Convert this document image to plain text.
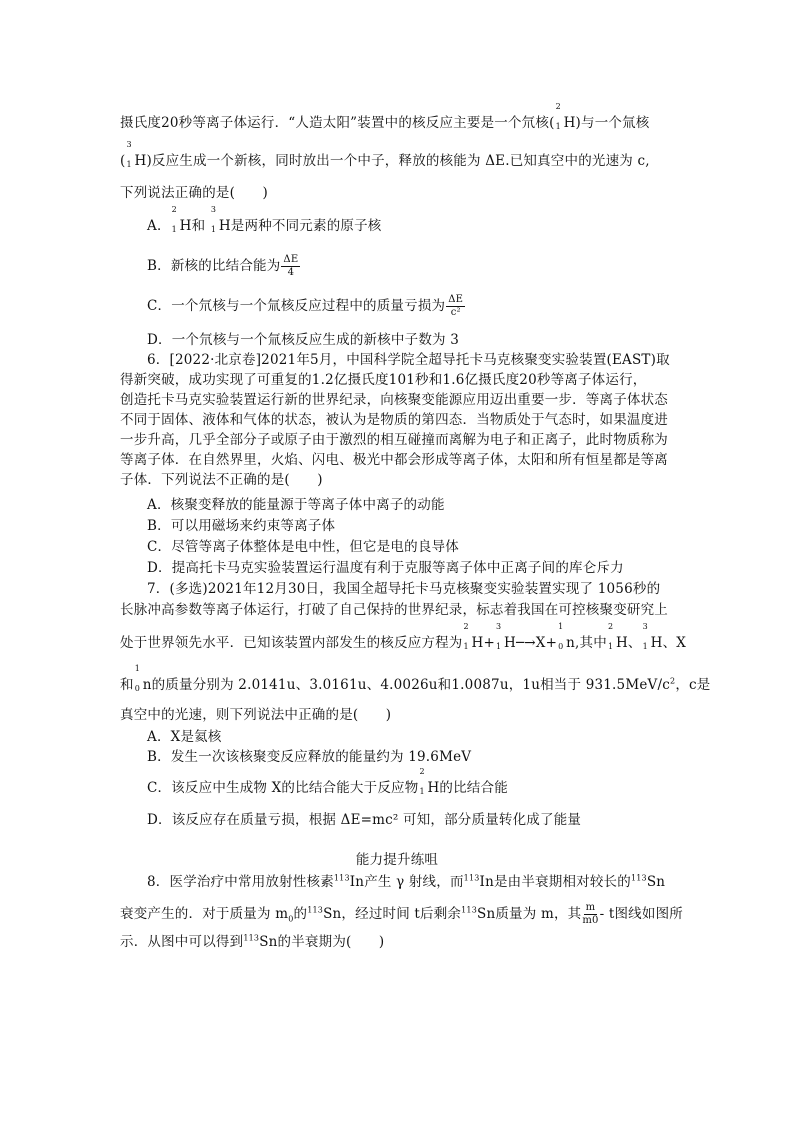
摄氏度20秒等离子体运行．“人造太阳”装置中的核反应主要是一个氘核(
2
1 H)与一个氚核
(
3
1 H)反应生成一个新核，同时放出一个中子，释放的核能为 ΔE.已知真空中的光速为 c,
下列说法正确的是(　　)
A．
2
1 H和
3
1 H是两种不同元素的原子核
B．新核的比结合能为 $\frac{\Delta E}{4}$
C．一个氘核与一个氚核反应过程中的质量亏损为 $\frac{\Delta E}{\text{c²}}$
D．一个氘核与一个氚核反应生成的新核中子数为 3
6．[2022·北京卷]2021年5月，中国科学院全超导托卡马克核聚变实验装置(EAST)取
得新突破，成功实现了可重复的1.2亿摄氏度101秒和1.6亿摄氏度20秒等离子体运行，
创造托卡马克实验装置运行新的世界纪录，向核聚变能源应用迈出重要一步．等离子体状态
不同于固体、液体和气体的状态，被认为是物质的第四态．当物质处于气态时，如果温度进
一步升高，几乎全部分子或原子由于激烈的相互碰撞而离解为电子和正离子，此时物质称为
等离子体．在自然界里，火焰、闪电、极光中都会形成等离子体，太阳和所有恒星都是等离
子体．下列说法不正确的是(　　)
A．核聚变释放的能量源于等离子体中离子的动能
B．可以用磁场来约束等离子体
C．尽管等离子体整体是电中性，但它是电的良导体
D．提高托卡马克实验装置运行温度有利于克服等离子体中正离子间的库仑斥力
7．(多选)2021年12月30日，我国全超导托卡马克核聚变实验装置实现了 1056秒的
长脉冲高参数等离子体运行，打破了自己保持的世界纪录，标志着我国在可控核聚变研究上
处于世界领先水平．已知该装置内部发生的核反应方程为
2
1 H+
3
1 H─→X+
1
0 n,其中
2
1 H、
3
1 H、X
和
1
0 n的质量分别为 2.0141u、3.0161u、4.0026u和1.0087u，1u相当于 $931.5MeV/c^2$，c是
真空中的光速，则下列说法中正确的是(　　)
A．X是氦核
B．发生一次该核聚变反应释放的能量约为 19.6MeV
C．该反应中生成物 X的比结合能大于反应物
2
1 H的比结合能
D．该反应存在质量亏损，根据 ΔE=mc² 可知，部分质量转化成了能量
能力提升练咀
8．医学治疗中常用放射性核素$^{113}$In产生 γ 射线，而$^{113}$In是由半衰期相对较长的$^{113}$Sn
衰变产生的．对于质量为 $m_0$的$^{113}$Sn，经过时间 t后剩余$^{113}$Sn质量为 m，其 $\frac{m}{m0}$ - t图线如图所
示．从图中可以得到$^{113}$Sn的半衰期为(　　)
